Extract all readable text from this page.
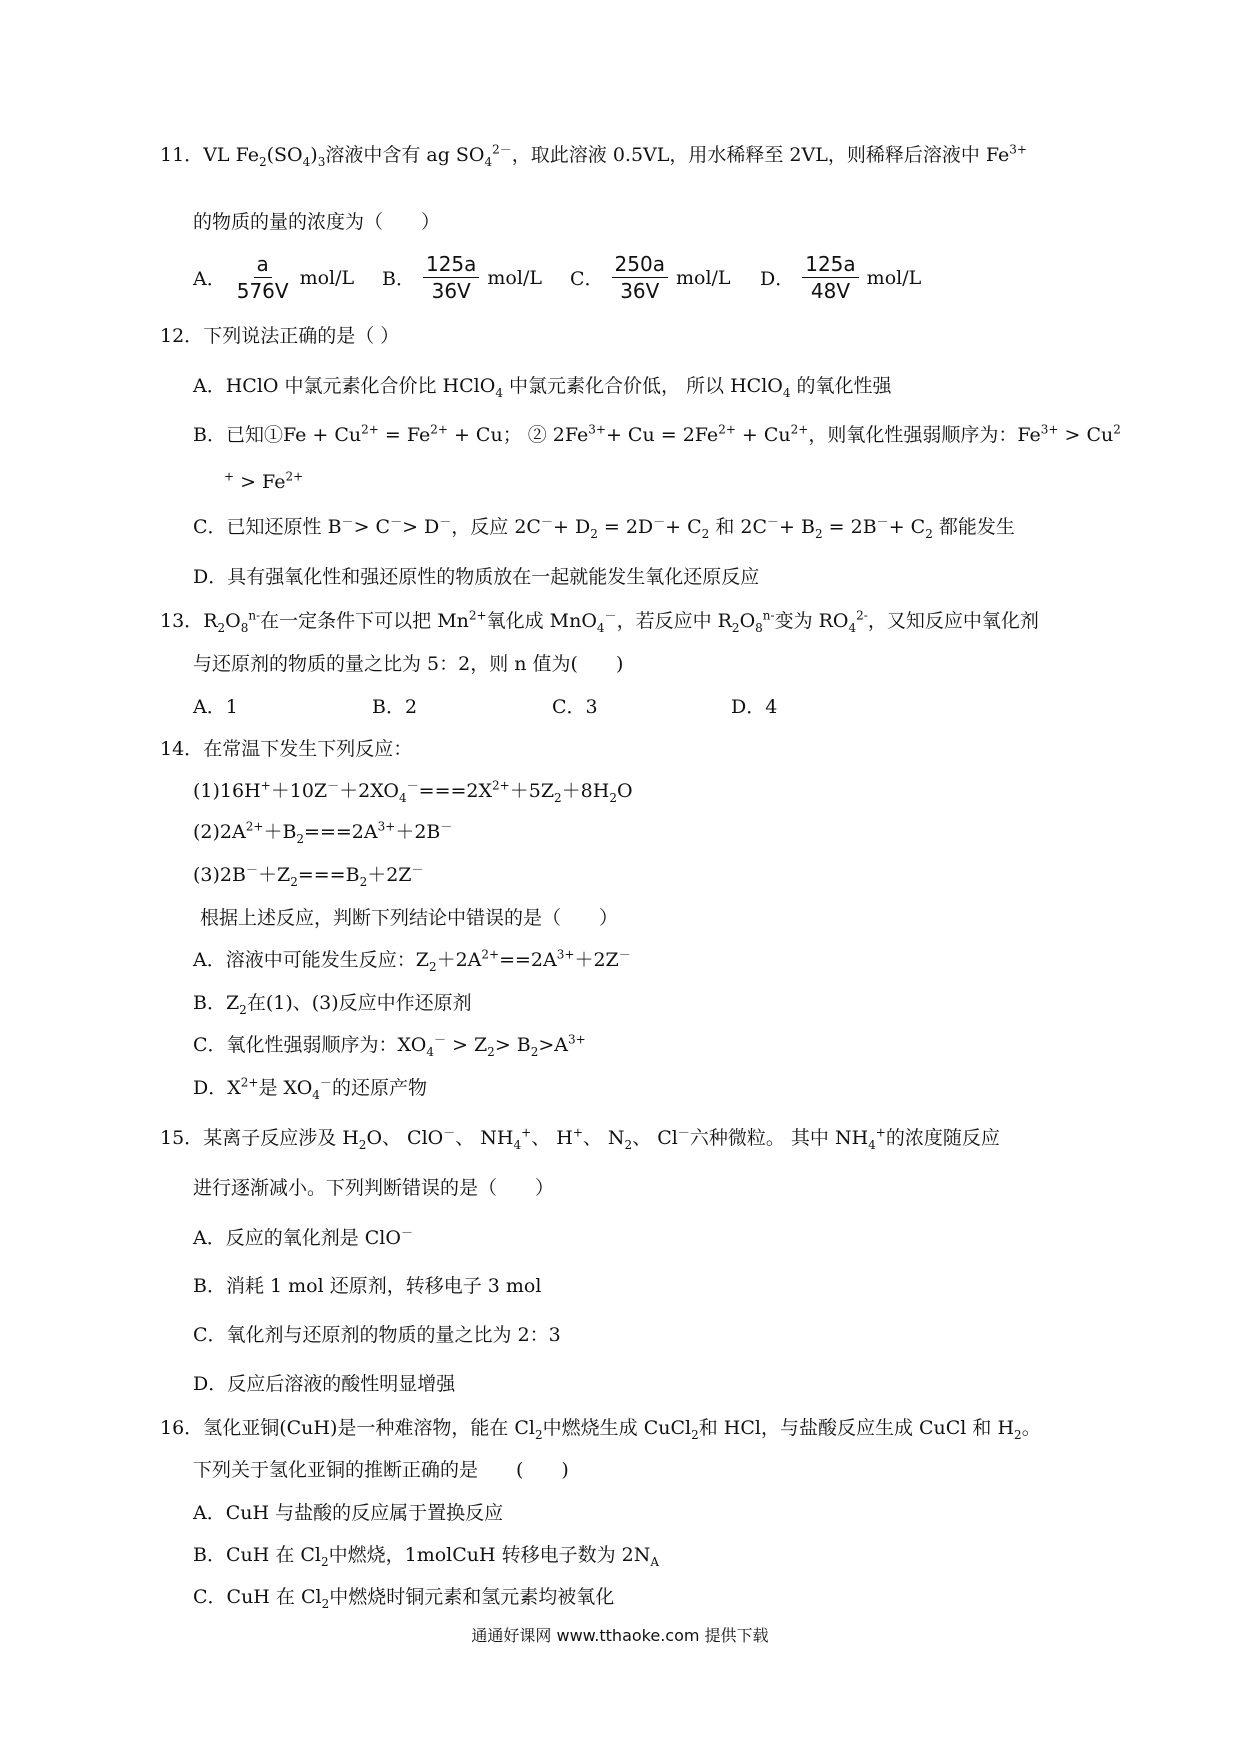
11．VL $Fe_2(SO_4)_3$溶液中含有 ag $SO_4^{2-}$，取此溶液 0.5VL，用水稀释至 2VL，则稀释后溶液中 $Fe^{3+}$
的物质的量的浓度为（　　）
A． $\frac{a}{576V} mol/L$ B． $\frac{125a}{36V} mol/L$ C． $\frac{250a}{36V} mol/L$ D． $\frac{125a}{48V} mol/L$
12．下列说法正确的是（ ）
A．HClO 中氯元素化合价比 HClO$_4$ 中氯元素化合价低， 所以 HClO$_4$ 的氧化性强
B．已知①Fe + $Cu^{2+} = Fe^{2+} + Cu$； ② $2Fe^{3+}+ Cu = 2Fe^{2+} + Cu^{2+}$，则氧化性强弱顺序为：$Fe^{3+} > Cu^2$
$^+ > Fe^{2+}$
C．已知还原性 B－> C－> D－，反应 $2C^-+ D_2 = 2D^-+ C_2$ 和 $2C^-+ B_2 = 2B^-+ C_2$ 都能发生
D．具有强氧化性和强还原性的物质放在一起就能发生氧化还原反应
13．$R_2O_8^{n-}$在一定条件下可以把 $Mn^{2+}$氧化成 MnO$_4$－，若反应中 $R_2O_8^{n-}$变为 $RO_4^{2-}$，又知反应中氧化剂
与还原剂的物质的量之比为 5：2，则 n 值为(　　)
A．1	B．2	C．3	D．4
14．在常温下发生下列反应：
$(1)16H^++10Z^-+2XO_4^-===2X^{2+}+5Z_2+8H_2O$
$(2)2A^{2+}+B_2===2A^{3+}+2B^-$
$(3)2B^-+Z_2===B_2+2Z^-$
根据上述反应，判断下列结论中错误的是（　　）
A．溶液中可能发生反应：$Z_2+2A^{2+}==2A^{3+}+2Z^-$
B．$Z_2$在(1)、(3)反应中作还原剂
C．氧化性强弱顺序为：$XO_4^- > Z_2> B_2>A^{3+}$
D．$X^{2+}$是 $XO_4^-$的还原产物
15．某离子反应涉及 $H_2O$、 ClO－、 $NH_4^+$、 H+、 $N_2$、 Cl－六种微粒。 其中 $NH_4^+$的浓度随反应
进行逐渐减小。下列判断错误的是（　　）
A．反应的氧化剂是 ClO－
B．消耗 1 mol 还原剂，转移电子 3 mol
C．氧化剂与还原剂的物质的量之比为 2：3
D．反应后溶液的酸性明显增强
16．氢化亚铜(CuH)是一种难溶物，能在 $Cl_2$中燃烧生成 CuCl$_2$和 HCl，与盐酸反应生成 CuCl 和 $H_2$。
下列关于氢化亚铜的推断正确的是　　(　　)
A．CuH 与盐酸的反应属于置换反应
B．CuH 在 $Cl_2$中燃烧，1molCuH 转移电子数为 $2N_A$
C．CuH 在 $Cl_2$中燃烧时铜元素和氢元素均被氧化
通通好课网 www.tthaoke.com 提供下载
